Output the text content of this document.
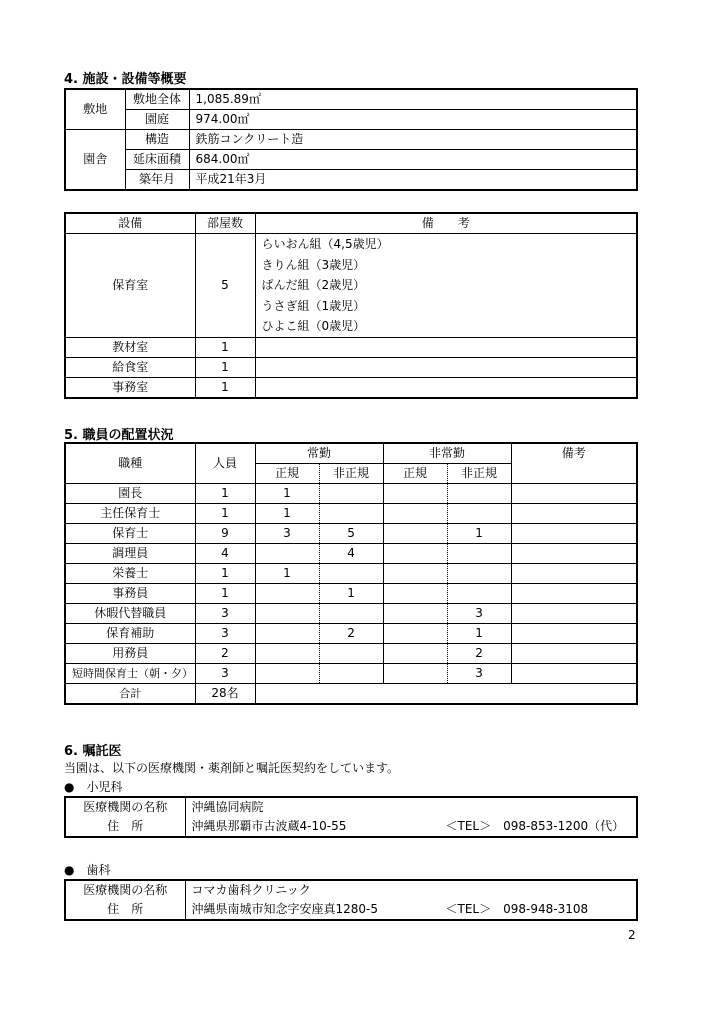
4. 施設・設備等概要
敷地	敷地全体	1,085.89㎡
	園庭	974.00㎡
園舎	構造	鉄筋コンクリート造
	延床面積	684.00㎡
	築年月	平成21年3月
設備	部屋数	備　　考
保育室	5	らいおん組（4,5歳児）
きりん組（3歳児）
ぱんだ組（2歳児）
うさぎ組（1歳児）
ひよこ組（0歳児）

教材室	1	
給食室	1	
事務室	1	
5. 職員の配置状況
職種	人員	常勤		非常勤		備考
		正規	非正規	正規	非正規	
園長	1	1				
主任保育士	1	1				
保育士	9	3	5		1	
調理員	4		4			
栄養士	1	1				
事務員	1		1			
休暇代替職員	3				3	
保育補助	3		2		1	
用務員	2				2	
短時間保育士（朝・夕）	3				3	
合計	28名					
6. 嘱託医
当園は、以下の医療機関・薬剤師と嘱託医契約をしています。
●　小児科
医療機関の名称	沖縄協同病院
住　所	沖縄県那覇市古波蔵4-10-55 ＜TEL＞　098-853-1200（代）
●　歯科
医療機関の名称	コマカ歯科クリニック
住　所	沖縄県南城市知念字安座真1280-5 ＜TEL＞　098-948-3108
2
